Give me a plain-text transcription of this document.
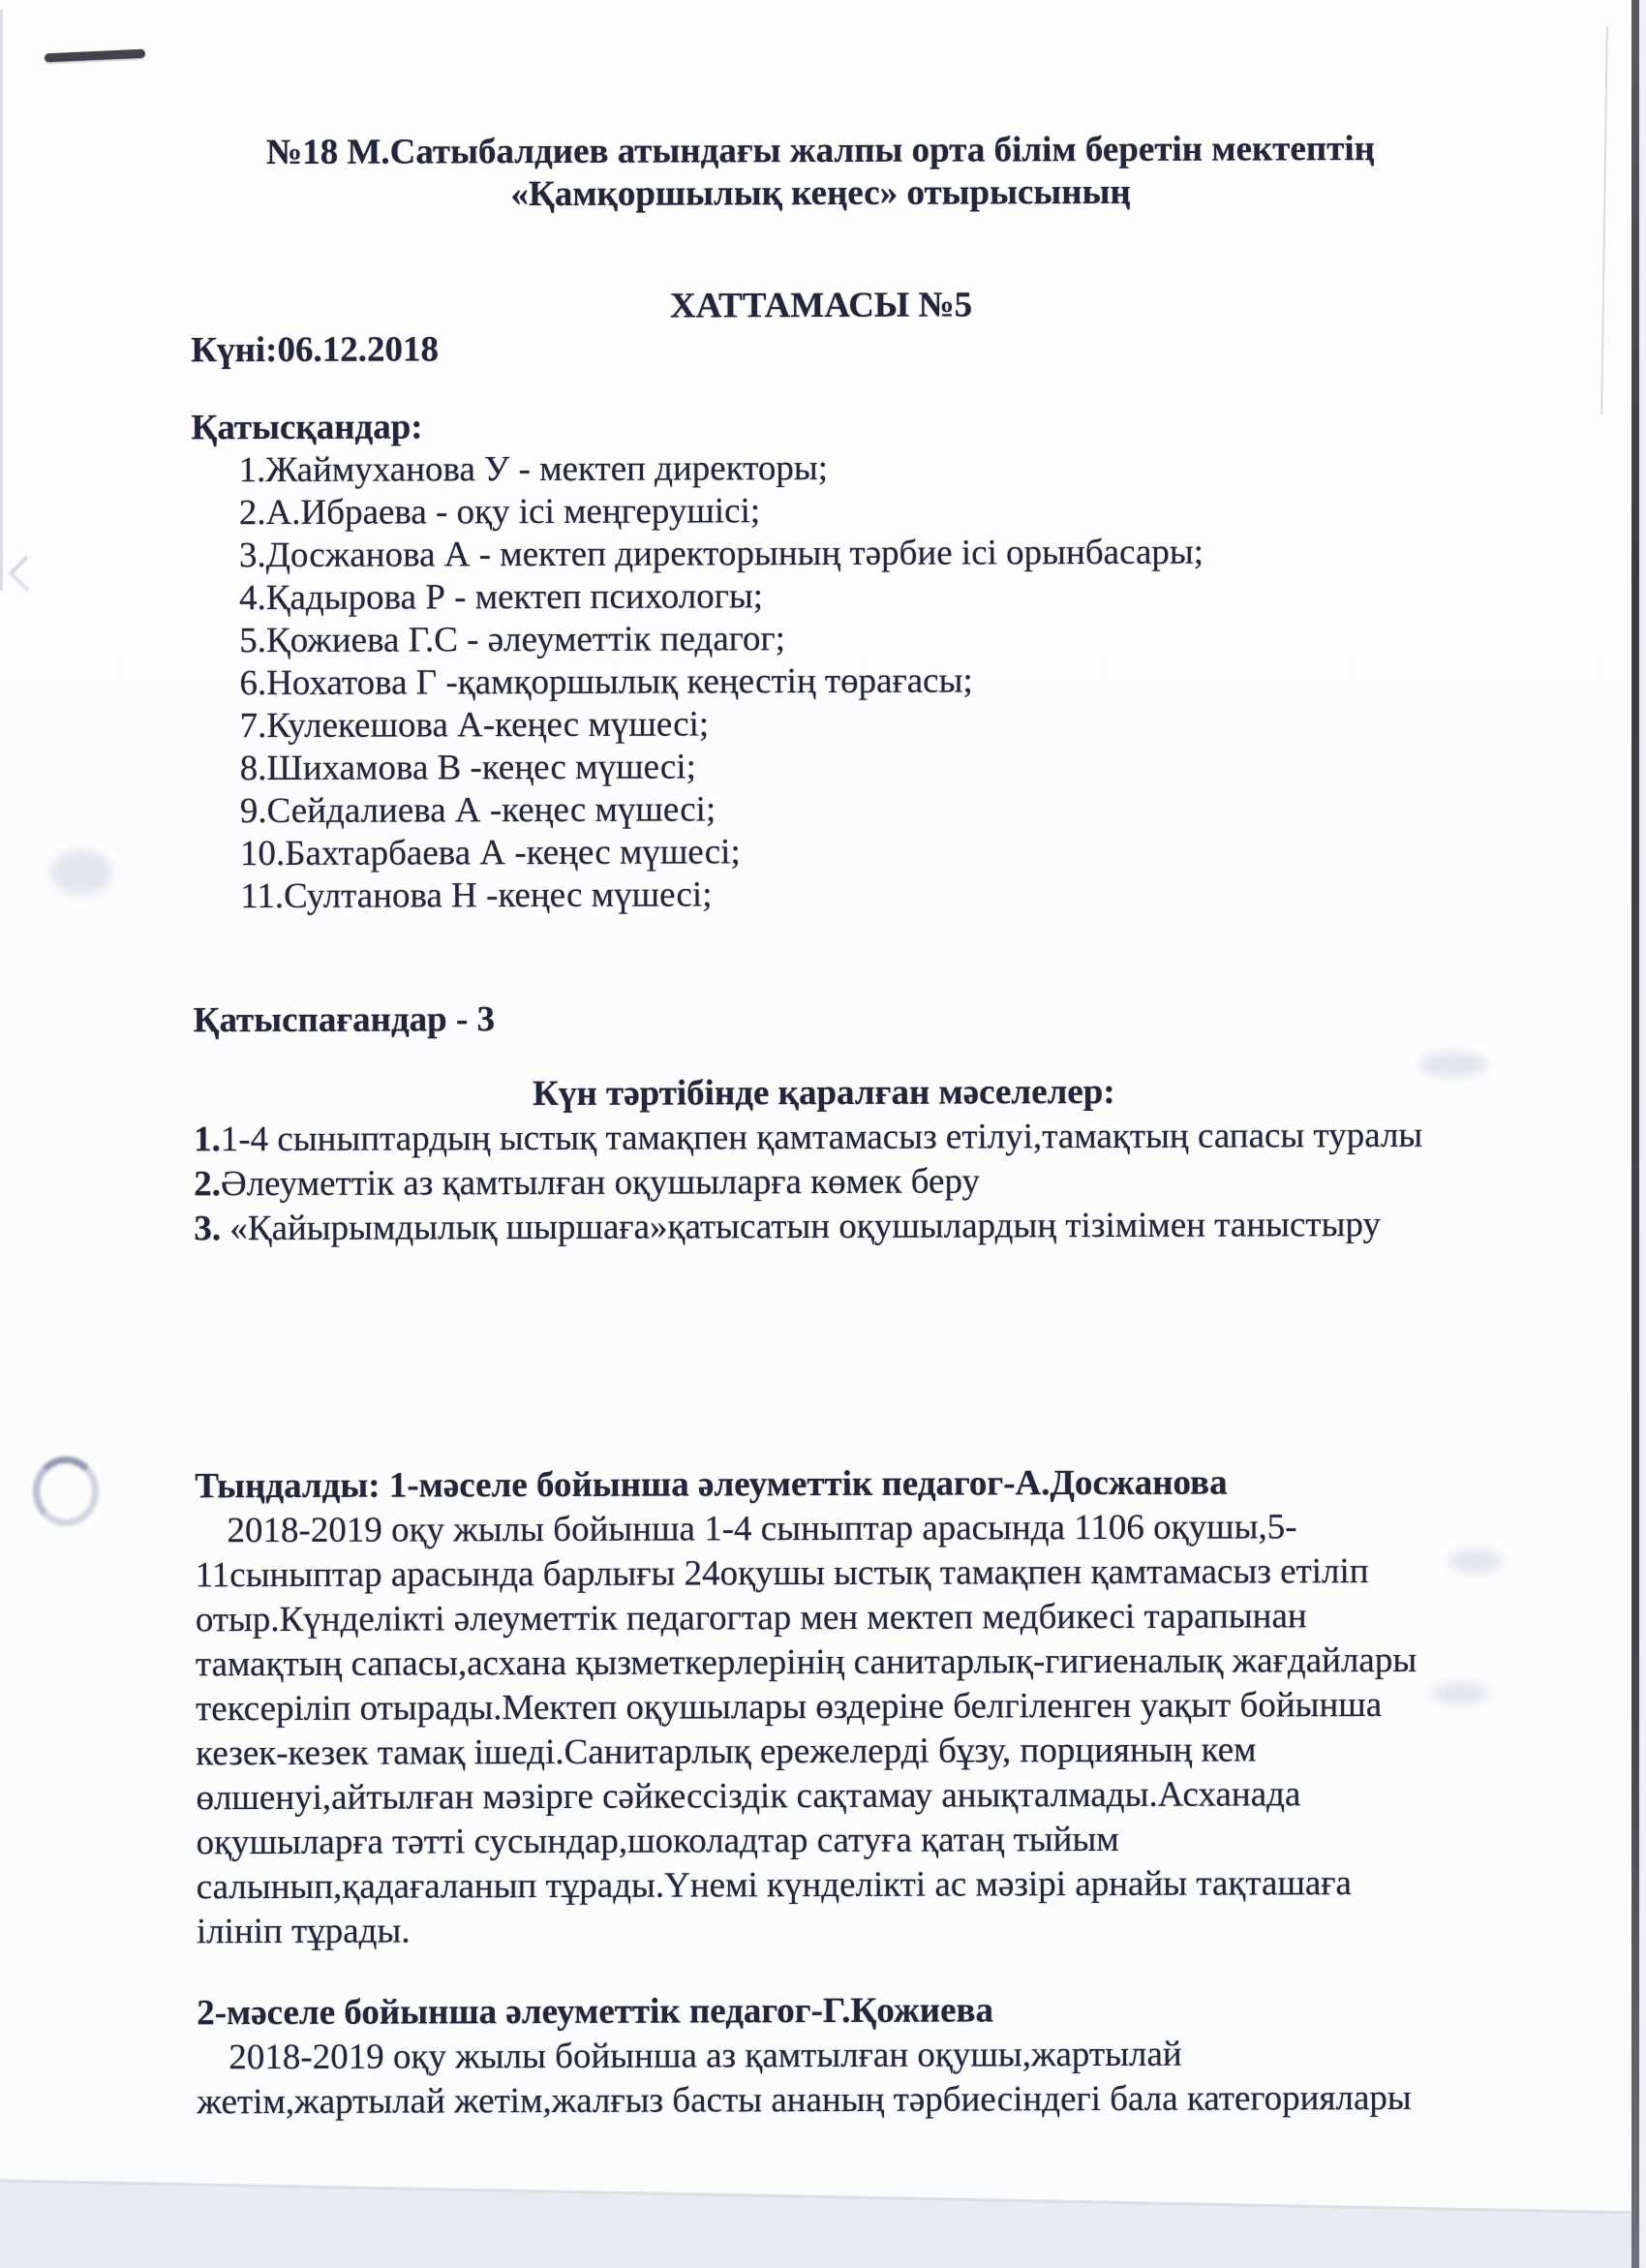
№18 М.Сатыбалдиев атындағы жалпы орта білім беретін мектептің
«Қамқоршылық кеңес» отырысының
ХАТТАМАСЫ №5
Күні:06.12.2018
Қатысқандар:
1.Жаймуханова У - мектеп директоры;
2.А.Ибраева - оқу ісі меңгерушісі;
3.Досжанова А - мектеп директорының тәрбие ісі орынбасары;
4.Қадырова Р - мектеп психологы;
5.Қожиева Г.С - әлеуметтік педагог;
6.Нохатова Г -қамқоршылық кеңестің төрағасы;
7.Кулекешова А-кеңес мүшесі;
8.Шихамова В -кеңес мүшесі;
9.Сейдалиева А -кеңес мүшесі;
10.Бахтарбаева А -кеңес мүшесі;
11.Султанова Н -кеңес мүшесі;
Қатыспағандар - 3
Күн тәртібінде қаралған мәселелер:
1.1-4 сыныптардың ыстық тамақпен қамтамасыз етілуі,тамақтың сапасы туралы
2.Әлеуметтік аз қамтылған оқушыларға көмек беру
3. «Қайырымдылық шыршаға»қатысатын оқушылардың тізімімен таныстыру
Тыңдалды: 1-мәселе бойынша әлеуметтік педагог-А.Досжанова
2018-2019 оқу жылы бойынша 1-4 сыныптар арасында 1106 оқушы,5-
11сыныптар арасында барлығы 24оқушы ыстық тамақпен қамтамасыз етіліп
отыр.Күнделікті әлеуметтік педагогтар мен мектеп медбикесі тарапынан
тамақтың сапасы,асхана қызметкерлерінің санитарлық-гигиеналық жағдайлары
тексеріліп отырады.Мектеп оқушылары өздеріне белгіленген уақыт бойынша
кезек-кезек тамақ ішеді.Санитарлық ережелерді бұзу, порцияның кем
өлшенуі,айтылған мәзірге сәйкессіздік сақтамау анықталмады.Асханада
оқушыларға тәтті сусындар,шоколадтар сатуға қатаң тыйым
салынып,қадағаланып тұрады.Үнемі күнделікті ас мәзірі арнайы тақташаға
ілініп тұрады.
2-мәселе бойынша әлеуметтік педагог-Г.Қожиева
2018-2019 оқу жылы бойынша аз қамтылған оқушы,жартылай
жетім,жартылай жетім,жалғыз басты ананың тәрбиесіндегі бала категориялары
